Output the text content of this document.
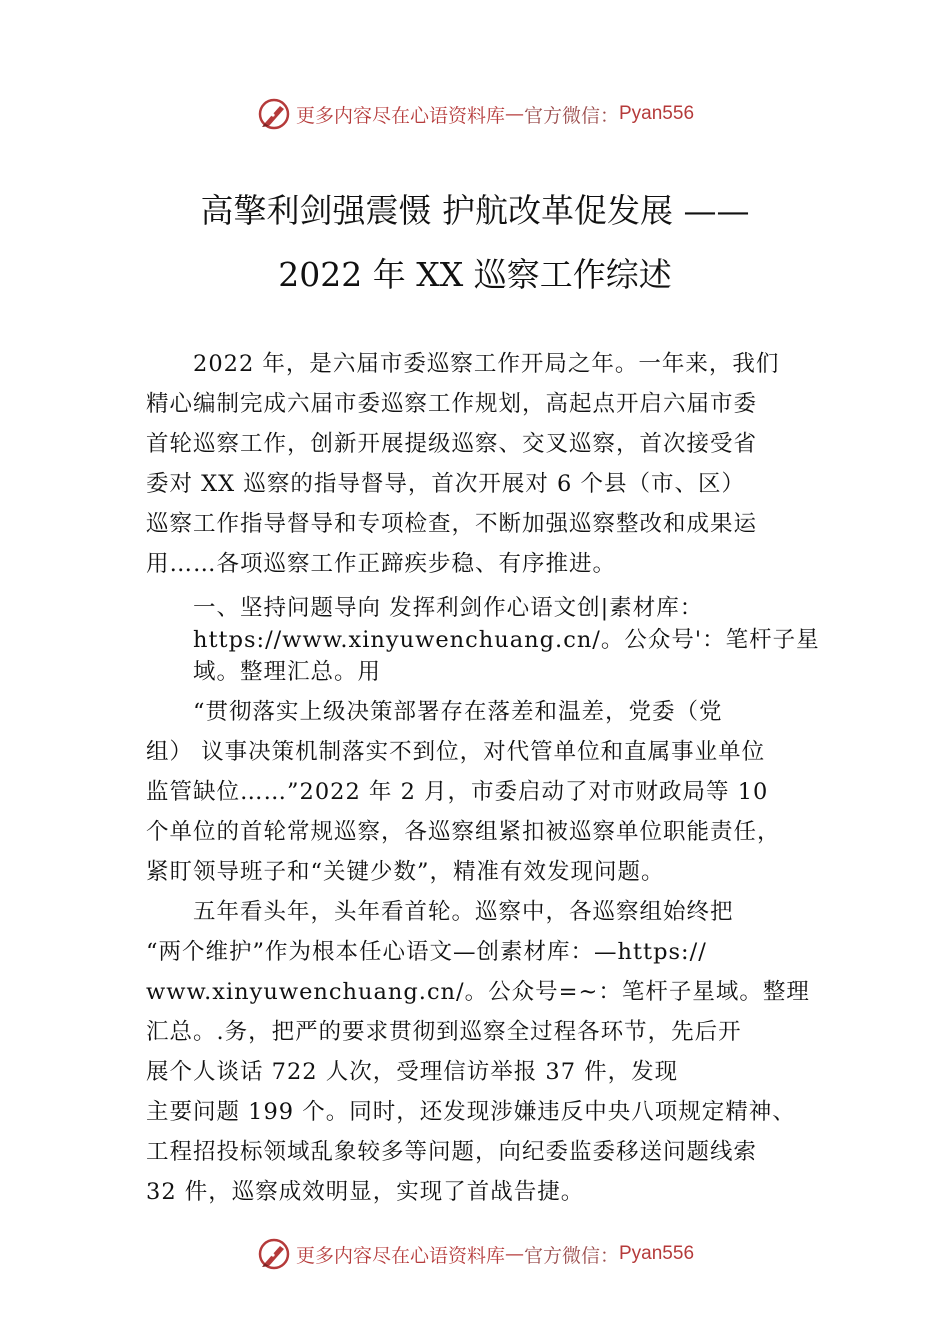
更多内容尽在心语资料库 — 官方微信： Pyan556
高擎利剑强震慑 护航改革促发展 ——
2022 年 XX 巡察工作综述
　　2022 年，是六届市委巡察工作开局之年。一年来，我们
精心编制完成六届市委巡察工作规划，高起点开启六届市委
首轮巡察工作，创新开展提级巡察、交叉巡察，首次接受省
委对 XX 巡察的指导督导，首次开展对 6 个县（市、区）
巡察工作指导督导和专项检查，不断加强巡察整改和成果运
用……各项巡察工作正蹄疾步稳、有序推进。
　　一、坚持问题导向 发挥利剑作心语文创|素材库：
　　https://www.xinyuwenchuang.cn/。公众号'：笔杆子星
　　域。整理汇总。用
　　“贯彻落实上级决策部署存在落差和温差，党委（党
组） 议事决策机制落实不到位，对代管单位和直属事业单位
监管缺位……”2022 年 2 月，市委启动了对市财政局等 10
个单位的首轮常规巡察，各巡察组紧扣被巡察单位职能责任，
紧盯领导班子和“关键少数”，精准有效发现问题。
　　五年看头年，头年看首轮。巡察中，各巡察组始终把
“两个维护”作为根本任心语文—创素材库：—https://
www.xinyuwenchuang.cn/。公众号=~：笔杆子星域。整理
汇总。.务，把严的要求贯彻到巡察全过程各环节，先后开
展个人谈话 722 人次，受理信访举报 37 件，发现
主要问题 199 个。同时，还发现涉嫌违反中央八项规定精神、
工程招投标领域乱象较多等问题，向纪委监委移送问题线索
32 件，巡察成效明显，实现了首战告捷。
更多内容尽在心语资料库 — 官方微信： Pyan556
